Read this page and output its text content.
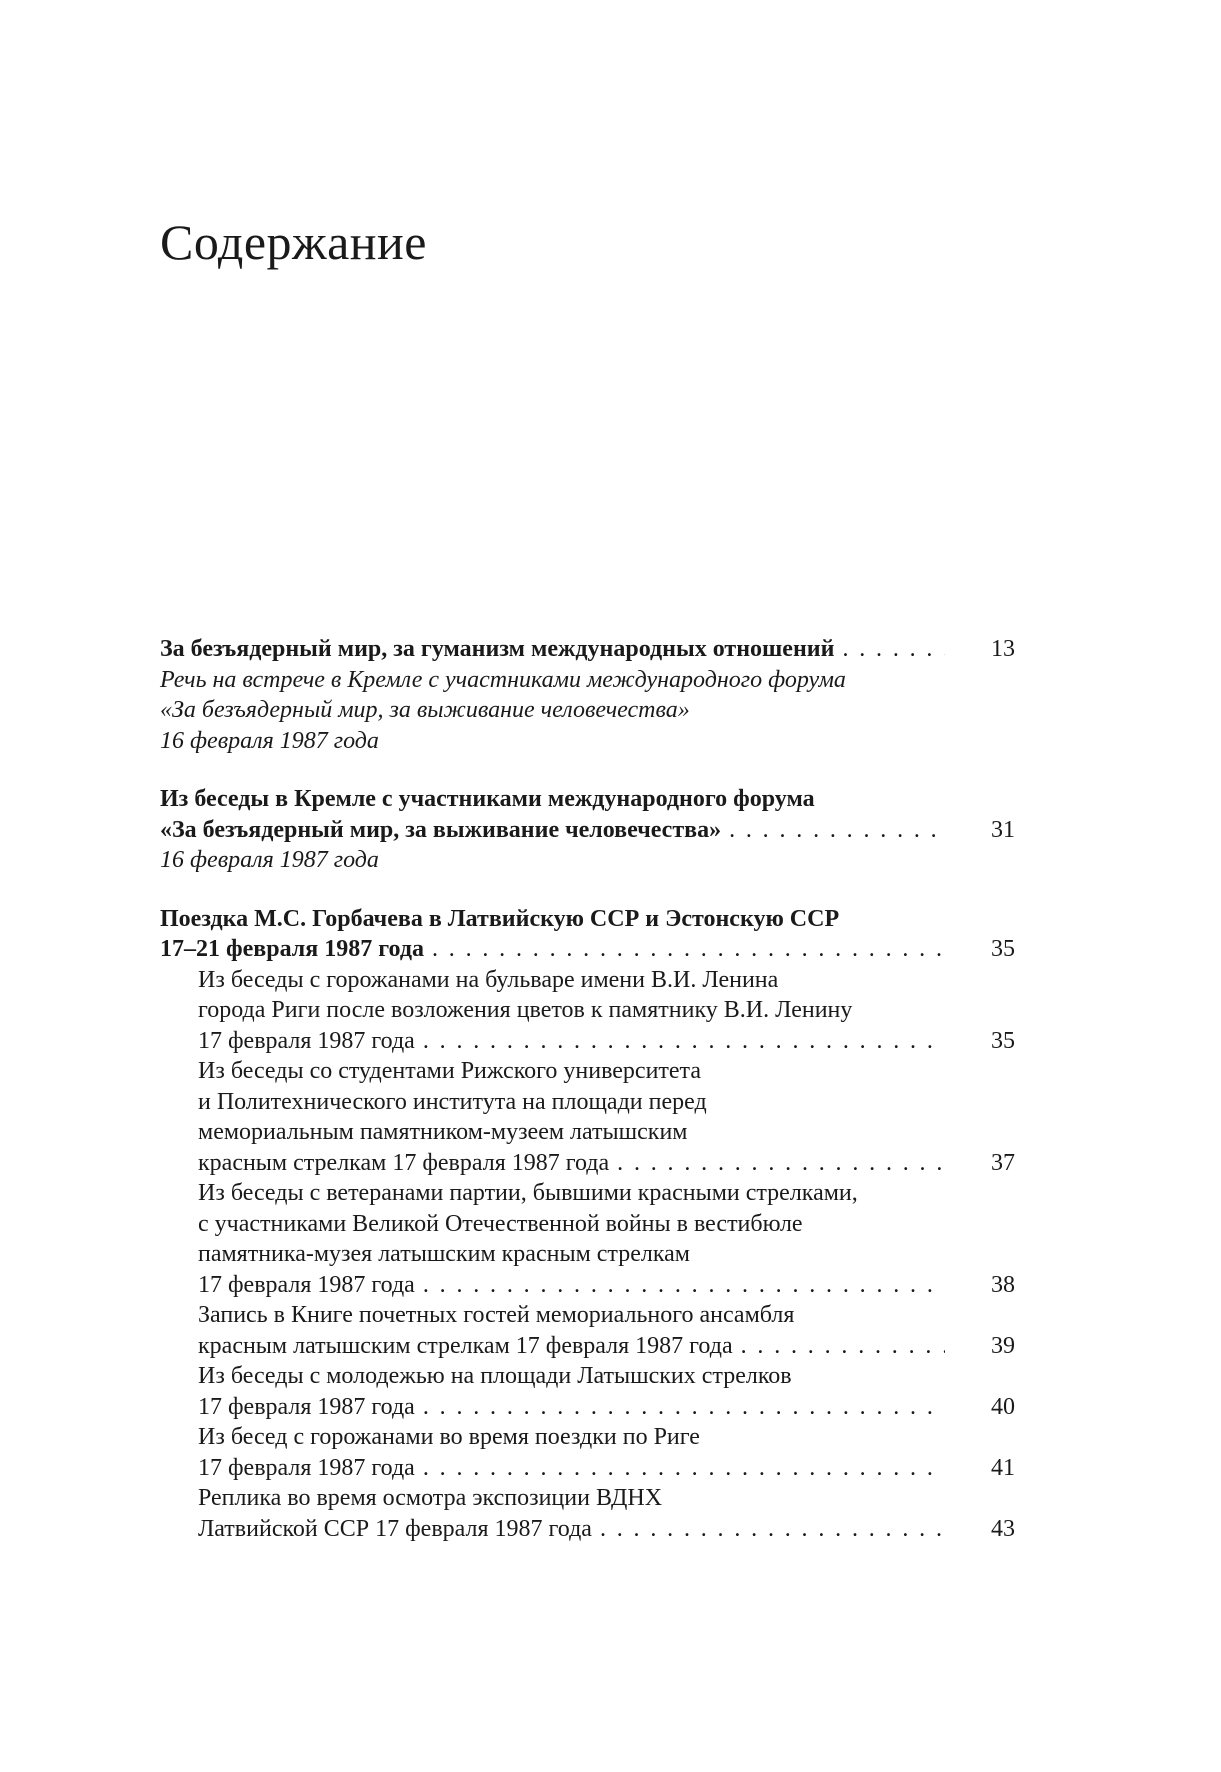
Содержание
За безъядерный мир, за гуманизм международных отношений . . .	13
Речь на встрече в Кремле с участниками международного форума
«За безъядерный мир, за выживание человечества»
16 февраля 1987 года
Из беседы в Кремле с участниками международного форума
«За безъядерный мир, за выживание человечества» . . .	31
16 февраля 1987 года
Поездка М.С. Горбачева в Латвийскую ССР и Эстонскую ССР
17–21 февраля 1987 года . . .	35
Из беседы с горожанами на бульваре имени В.И. Ленина
города Риги после возложения цветов к памятнику В.И. Ленину
17 февраля 1987 года . . .	35
Из беседы со студентами Рижского университета
и Политехнического института на площади перед
мемориальным памятником-музеем латышским
красным стрелкам 17 февраля 1987 года . . .	37
Из беседы с ветеранами партии, бывшими красными стрелками,
с участниками Великой Отечественной войны в вестибюле
памятника-музея латышским красным стрелкам
17 февраля 1987 года . . .	38
Запись в Книге почетных гостей мемориального ансамбля
красным латышским стрелкам 17 февраля 1987 года . . .	39
Из беседы с молодежью на площади Латышских стрелков
17 февраля 1987 года . . .	40
Из бесед с горожанами во время поездки по Риге
17 февраля 1987 года . . .	41
Реплика во время осмотра экспозиции ВДНХ
Латвийской ССР 17 февраля 1987 года . . .	43
